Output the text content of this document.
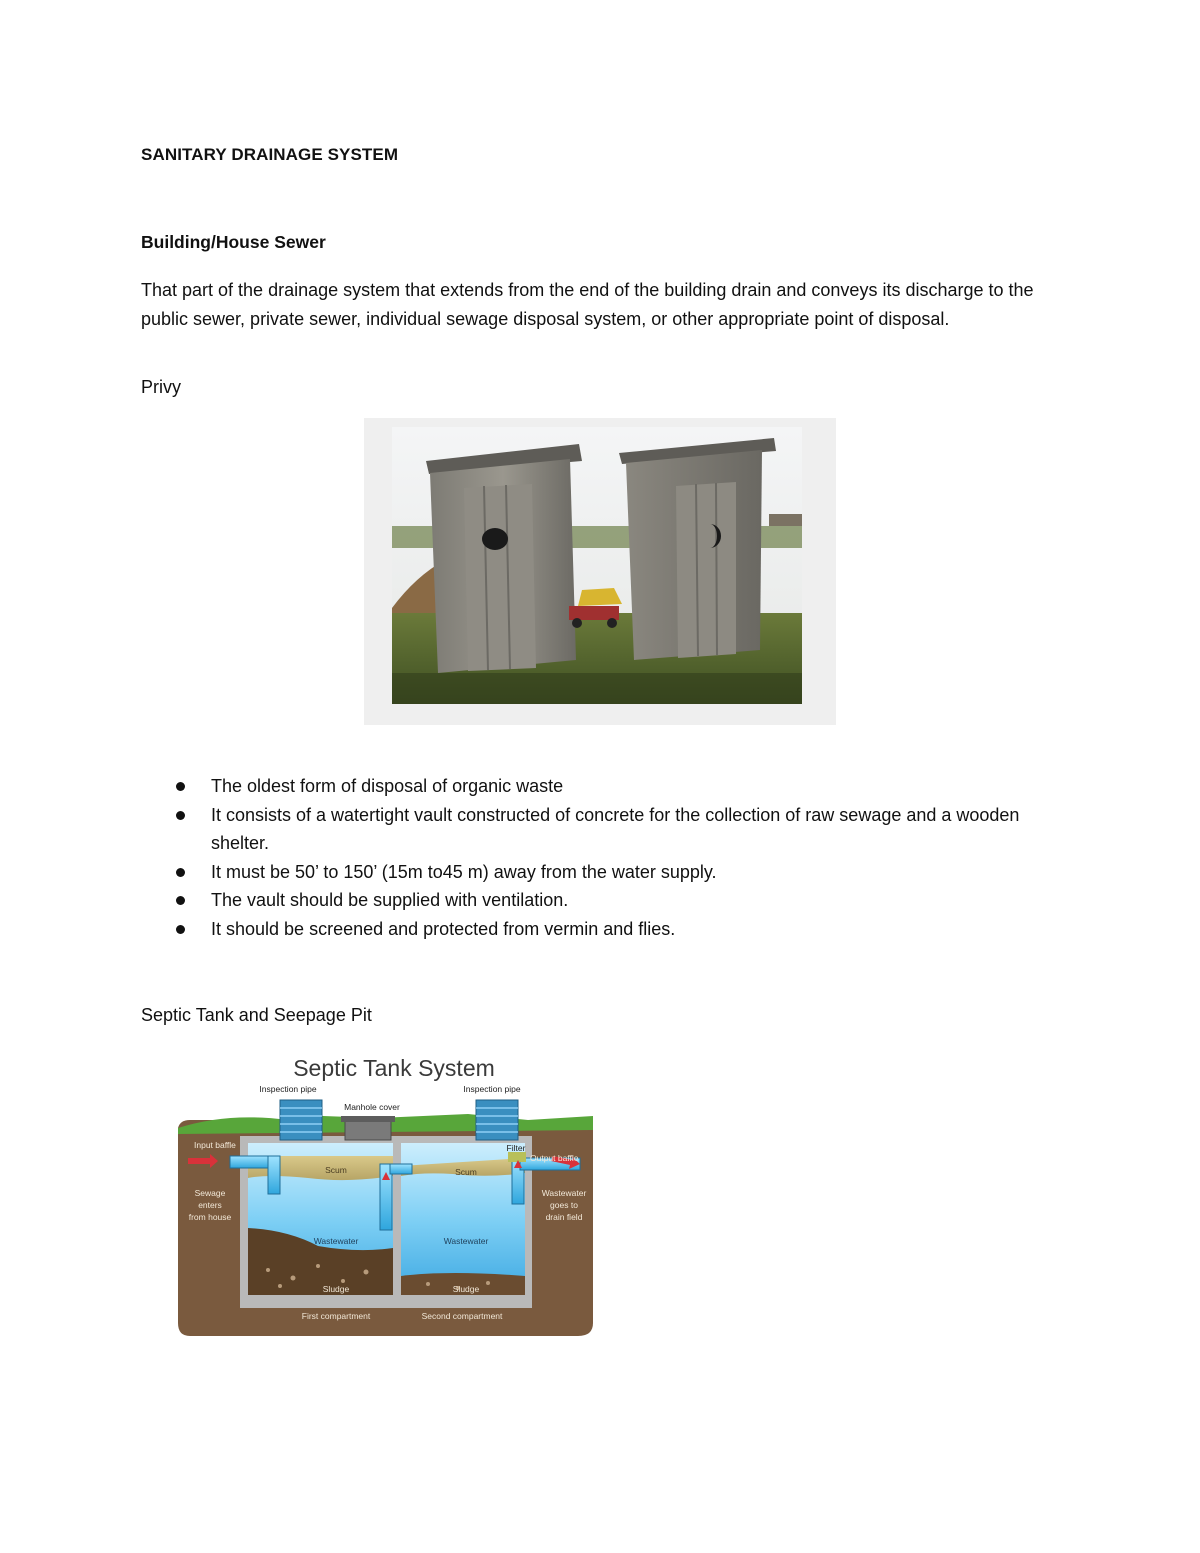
SANITARY DRAINAGE SYSTEM
Building/House Sewer
That part of the drainage system that extends from the end of the building drain and conveys its discharge to the public sewer, private sewer, individual sewage disposal system, or other appropriate point of disposal.
Privy
The oldest form of disposal of organic waste
It consists of a watertight vault constructed of concrete for the collection of raw sewage and a wooden shelter.
It must be 50’ to 150’ (15m to45 m) away from the water supply.
The vault should be supplied with ventilation.
It should be screened and protected from vermin and flies.
Septic Tank and Seepage Pit
Septic Tank System
Inspection pipe	Inspection pipe
Manhole cover
Filter
Input baffle
Output baffle
Sewage
enters
from house
Wastewater
goes to
drain field
First compartment	Second compartment
Sludge	Sludge
Scum	Scum
Wastewater	Wastewater
